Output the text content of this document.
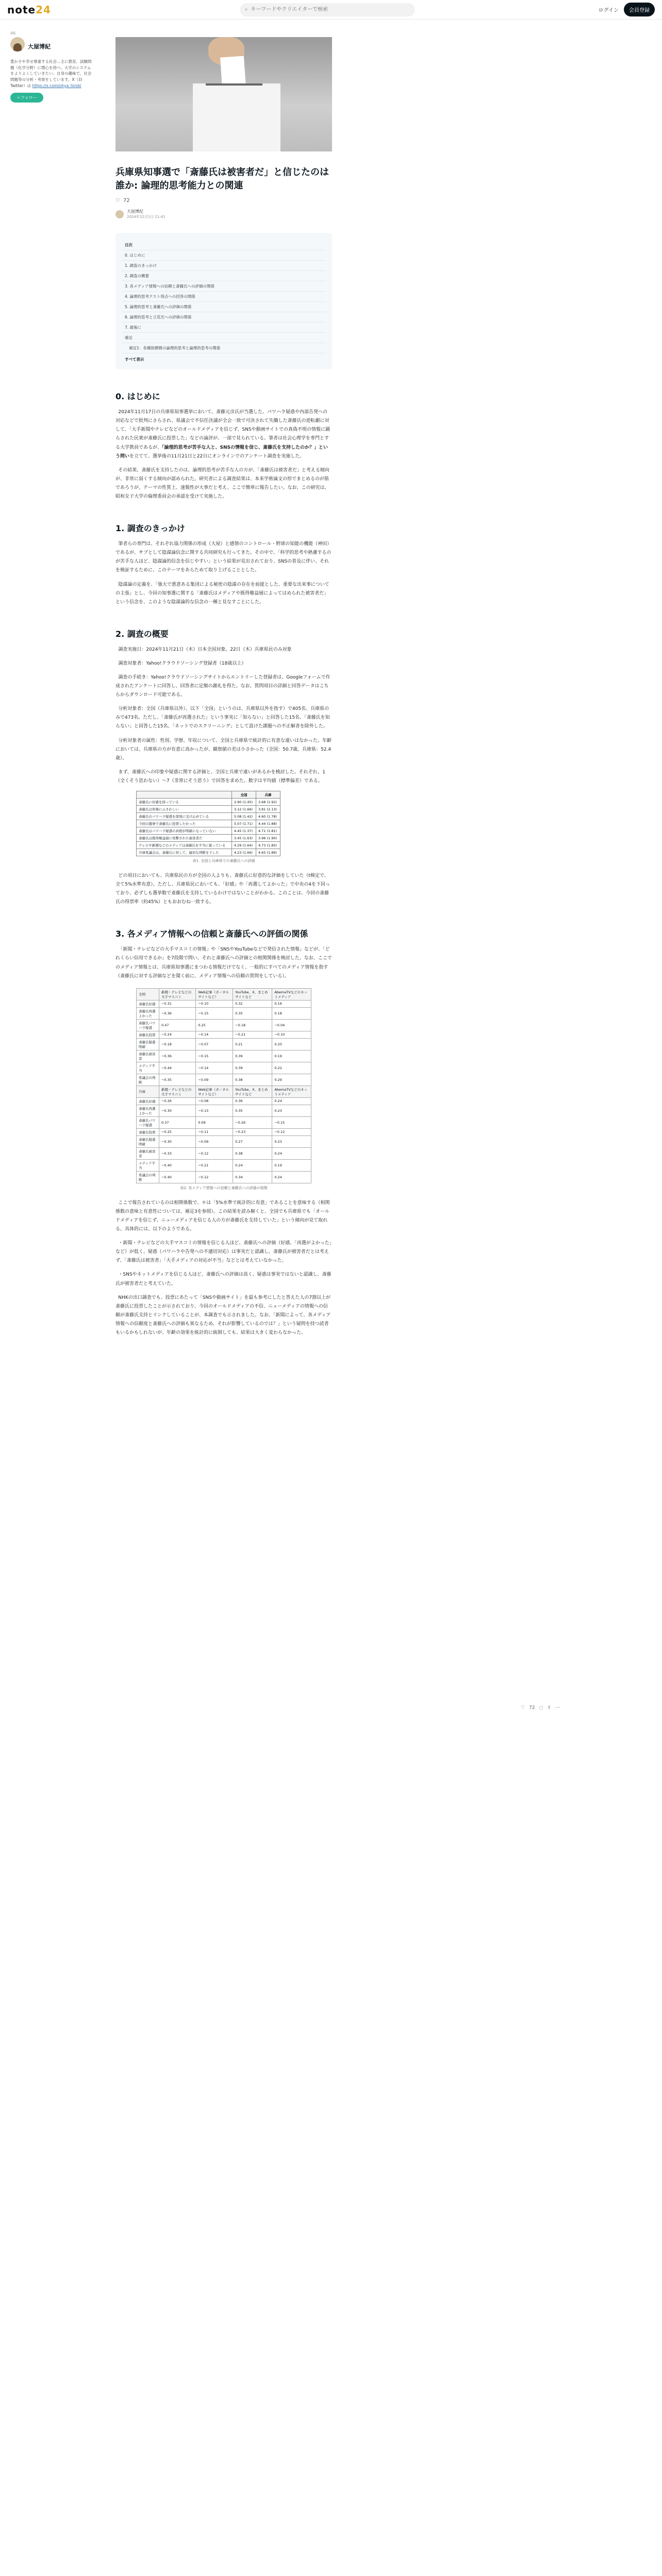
note24	⌕
キーワードやクリエイターで検索	ログイン	会員登録
46
大屋博紀
豊かさや幸せ尊重する社会…主に教育、試験問題（化学分野）に関心を持つ。大学のシステムをよりよくしていきたい。自身の趣味で、社会問題等の分析・考察をしています。X（旧Twitter）は https://x.com/ohya_hiroki
＋フォロー
兵庫県知事選で「斎藤氏は被害者だ」と信じたのは誰か: 論理的思考能力との関連
♡ 72
大屋博紀
2024年12月1日 21:41
目次
0. はじめに
1. 調査のきっかけ
2. 調査の概要
3. 各メディア情報への信頼と斎藤氏への評価の関係
4. 論理的思考テスト得点への回答の関係
5. 論理的思考と斎藤氏への評価の関係
6. 論理的思考と立花氏への評価の関係
7. 最後に
補足
補足1：各種指標間の論理的思考と論理的思考の関係
すべて表示
0. はじめに

2024年11月17日の兵庫県知事選挙において、斎藤元彦氏が当選した。パワハラ疑惑や内部告発への対応などで批判にさらされ、県議会で不信任決議が全会一致で可決されて失職した斎藤氏の逆転劇に対して、「大手新聞やテレビなどのオールドメディアを信じず、SNSや動画サイトでの真偽不明の情報に踊らされた民衆が斎藤氏に投票した」などの論評が、一部で見られている。筆者は社会心理学を専門とする大学教員であるが、「論理的思考が苦手な人と、SNSの情報を信じ、斎藤氏を支持したのか？」という問いを立てて、選挙後の11月21日と22日にオンラインでのアンケート調査を実施した。

その結果、斎藤氏を支持したのは、論理的思考が苦手な人の方が、「斎藤氏は被害者だ」と考える傾向が、非常に弱くする傾向が認められた。研究者による調査結果は、本来学術論文の形でまとめるのが筋であろうが、テーマの性質上、速報性が大事だと考え、ここで簡単に報告したい。なお、この研究は、昭和女子大学の倫理委員会の承認を受けて実施した。

1. 調査のきっかけ

筆者らの専門は、それぞれ協力関係の形成（大屋）と感情のコントロール・野球の知能の機能（神田）であるが、サブとして陰謀論信念に関する共同研究も行ってきた。その中で、「科学的思考や熟慮するのが苦手な人ほど、陰謀論的信念を信じやすい」という結果が見出されており、SNSの普及に伴い、それを検証するために、このテーマをあらためて取り上げることとした。

陰謀論の定義を、「強大で悪意ある集団による秘密の陰謀の存在を前提とした、重要な出来事についての主張」とし、今回の知事選に関する「斎藤氏はメディアや既得権益層によってはめられた被害者だ」という信念を、このような陰謀論的な信念の一種と見なすことにした。

2. 調査の概要

調査実施日：2024年11月21日（木）日本全国対象。22日（木）兵庫県民のみ対象

調査対象者：Yahoo!クラウドソーシング登録者（18歳以上）

調査の手続き：Yahoo!クラウドソーシングサイトからエントリーした登録者は、Googleフォームで作成されたアンケートに回答し、回答者に定額の謝礼を得た。なお、質問項目の詳細と回答データはこちらからダウンロード可能である。

分析対象者：全国（兵庫県以外）、以下「全国」というのは、兵庫県以外を指す）で405名、兵庫県のみで473名。ただし、「斎藤氏が再選された」という事実に「知らない」と回答した15名、「斎藤氏を知らない」と回答した15名、「ネットでのスクリーニング」として設けた課題への不正解者を除外した。

分析対象者の属性：性別、学歴、年収について、全国と兵庫県で統計的に有意な違いはなかった。年齢においては、兵庫県の方が有意に高かったが、観察値の差は小さかった（全国：50.7歳、兵庫県：52.4歳）。

まず、斎藤氏への印象や疑惑に関する評価と、全国と兵庫で違いがあるかを検討した。それぞれ、1（全くそう思わない）〜7（非常にそう思う）で回答を求めた。数字は平均値（標準偏差）である。

	全国	兵庫
斎藤氏に好感を持っている	2.90 (1.45)	3.68 (1.92)
斎藤氏は知事にふさわしい	3.12 (1.66)	3.81 (2.13)
斎藤氏のパワハラ疑惑を深刻に受け止めている	5.08 (1.42)	4.60 (1.78)
今回の選挙で斎藤氏に投票したかった	5.07 (1.71)	4.44 (1.88)
斎藤氏はパワハラ疑惑の真相が明確になっていない	4.45 (1.37)	4.71 (1.81)
斎藤氏は既得権益層に攻撃された被害者だ	3.45 (1.63)	3.96 (1.90)
テレビや新聞などのメディアは斎藤氏を不当に扱っている	4.29 (1.64)	4.73 (1.85)
兵庫県議会は、斎藤氏に対して、適切な判断を下した	4.23 (1.66)	4.65 (1.89)
表1. 全国と兵庫県での斎藤氏への評価

どの項目においても、兵庫県民の方が全国の人よりも、斎藤氏に好意的な評価をしていた（t検定で、全て5%水準有意）。ただし、兵庫県民においても、「好感」や「再選してよかった」で中央の4を下回っており、必ずしも選挙数で斎藤氏を支持しているわけではないことがわかる。このことは、今回の斎藤氏の得票率（約45%）ともおおむね一致する。

3. 各メディア情報への信頼と斎藤氏への評価の関係

「新聞・テレビなどの大手マスコミの情報」や「SNSやYouTubeなどで発信された情報」などが、「どれくらい信用できるか」を7段階で問い、それと斎藤氏への評価との相関関係を検討した。なお、ここでのメディア情報とは、兵庫県知事選にまつわる情報だけでなく、一般的にすべてのメディア情報を指す（斎藤氏に対する評価などを聞く前に、メディア情報への信頼の質問をしている）。

全国	新聞・テレビなどの大手マスコミ	Web記事（ポータルサイトなど）	YouTube、X、まとめサイトなど	AbemaTVなどのネットメディア
斎藤氏好感	−0.31	−0.10	0.32	0.16
斎藤氏再選よかった	−0.36	−0.15	0.35	0.18
斎藤氏パワハラ疑惑	0.47	0.25	−0.18	−0.04
斎藤氏投票	−0.24	−0.14	−0.21	−0.10
斎藤氏疑惑明確	−0.18	−0.07	0.21	0.20
斎藤氏被害者	−0.36	−0.15	0.39	0.19
メディア不当	−0.44	−0.14	0.39	0.22
県議会の判断	−0.35	−0.09	0.38	0.29
兵庫	新聞・テレビなどの大手マスコミ	Web記事（ポータルサイトなど）	YouTube、X、まとめサイトなど	AbemaTVなどのネットメディア
斎藤氏好感	−0.26	−0.08	0.36	0.24
斎藤氏再選よかった	−0.30	−0.13	0.35	0.23
斎藤氏パワハラ疑惑	0.37	0.09	−0.26	−0.15
斎藤氏投票	−0.25	−0.11	−0.23	−0.12
斎藤氏疑惑明確	−0.30	−0.09	0.27	0.23
斎藤氏被害者	−0.33	−0.12	0.38	0.24
メディア不当	−0.40	−0.21	0.24	0.19
県議会の判断	−0.40	−0.12	0.34	0.24
表2. 各メディア情報への信頼と斎藤氏への評価の相関

ここで報告されているのは相関係数で、＊は「5%水準で統計的に有意」であることを意味する（相関係数の意味と有意性については、補足3を参照）。この結果を読み解くと、全国でも兵庫県でも「オールドメディアを信じず、ニューメディアを信じる人の方が斎藤氏を支持していた」という傾向が見て取れる。具体的には、以下のようである。

・新聞・テレビなどの大手マスコミの情報を信じる人ほど、斎藤氏への評価（好感、「再選がよかった」など）が低く、疑惑（パワハラや告発への不適切対応）は事実だと認識し、斎藤氏が被害者だとは考えず、「斎藤氏は被害者」「大手メディアの対応が不当」などとは考えていなかった。

・SNSやネットメディアを信じる人ほど、斎藤氏への評価は高く、疑惑は事実ではないと認識し、斎藤氏が被害者だと考えていた。

NHKの出口調査でも、投票にあたって「SNSや動画サイト」を最も参考にしたと答えた人の7割以上が斎藤氏に投票したことが示されており、今回のオールドメディアの不信、ニューメディアの情報への信頼が斎藤氏支持とリンクしていることが、本調査でも示されました。なお、「新聞によって、各メディア情報への信頼度と斎藤氏への評価も異なるため、それが影響しているのでは？」という疑問を持つ読者もいるかもしれないが、年齢の効果を統計的に統制しても、結果は大きく変わらなかった。

♡ 72 ◌ ⇪ ⋯
